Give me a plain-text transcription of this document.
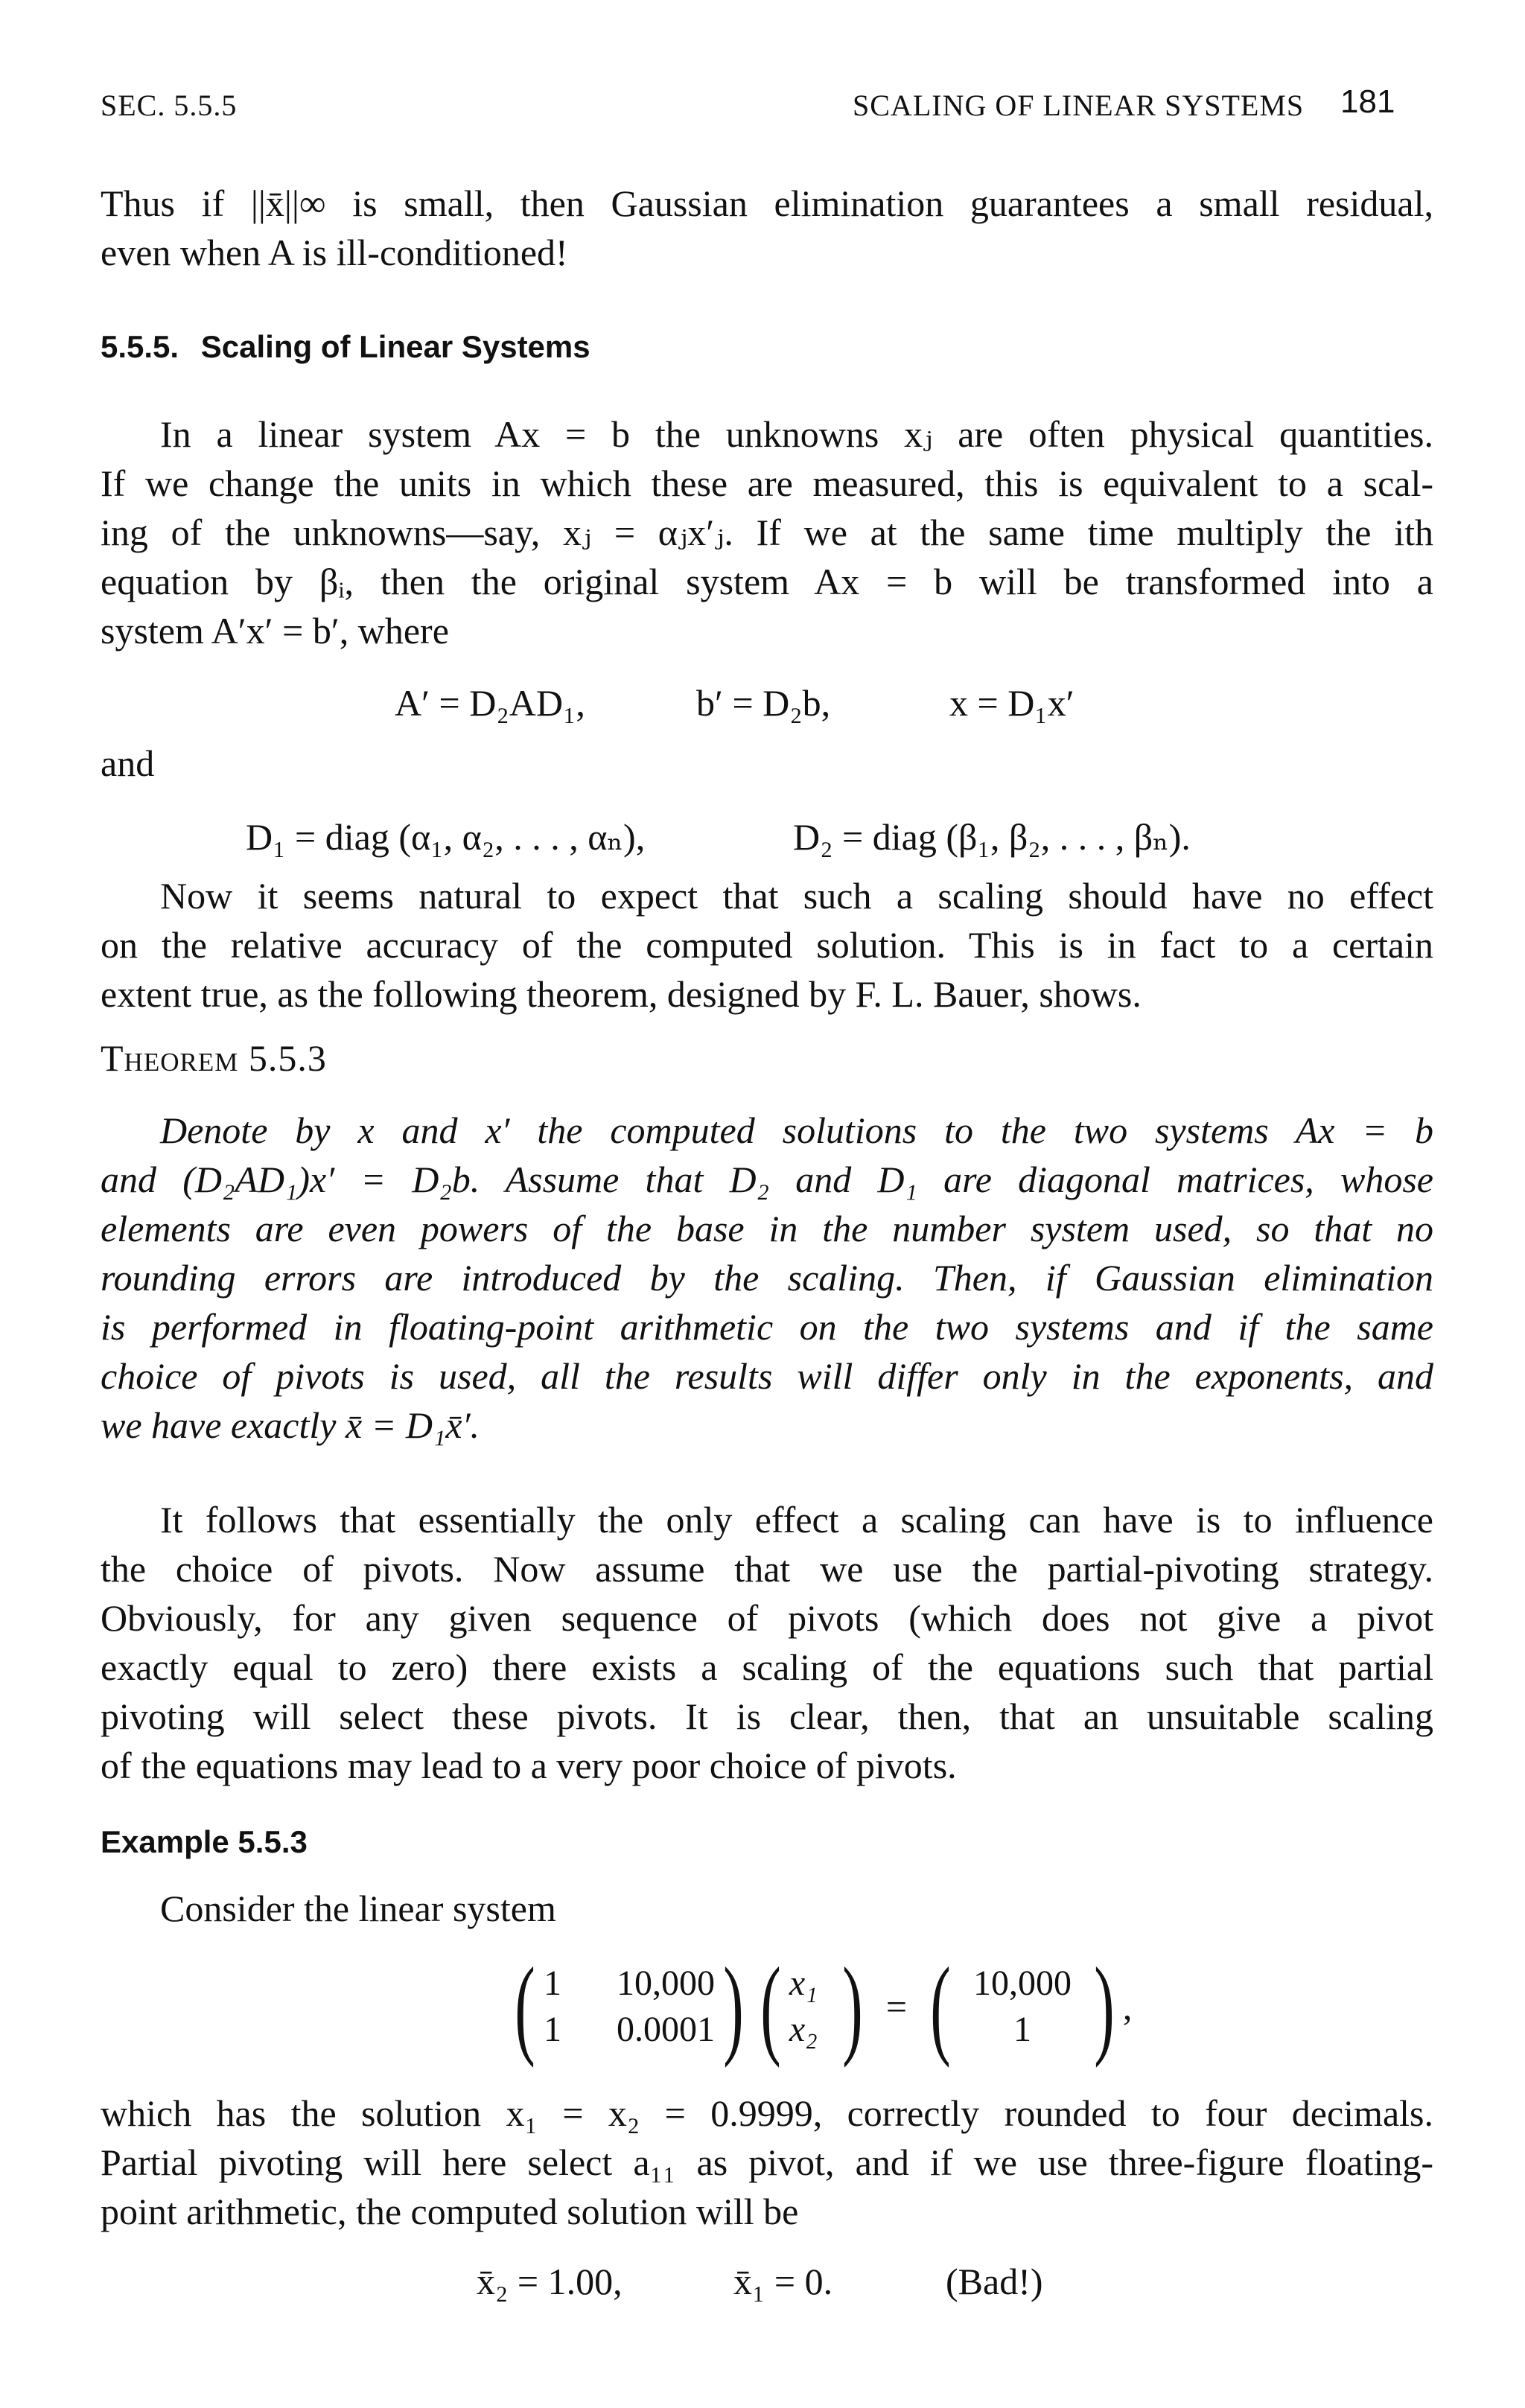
SEC. 5.5.5	SCALING OF LINEAR SYSTEMS 181

Thus if ||x̄||∞ is small, then Gaussian elimination guarantees a small residual,

even when A is ill-conditioned!

5.5.5. Scaling of Linear Systems

In a linear system Ax = b the unknowns xⱼ are often physical quantities.

If we change the units in which these are measured, this is equivalent to a scal-

ing of the unknowns—say, xⱼ = αⱼx′ⱼ. If we at the same time multiply the ith

equation by βᵢ, then the original system Ax = b will be transformed into a

system A′x′ = b′, where

A′ = D₂AD₁,	b′ = D₂b,	x = D₁x′
and
D₁ = diag (α₁, α₂, . . . , αₙ),	D₂ = diag (β₁, β₂, . . . , βₙ).

Now it seems natural to expect that such a scaling should have no effect

on the relative accuracy of the computed solution. This is in fact to a certain

extent true, as the following theorem, designed by F. L. Bauer, shows.

Theorem 5.5.3

Denote by x and x′ the computed solutions to the two systems Ax = b

and (D₂AD₁)x′ = D₂b. Assume that D₂ and D₁ are diagonal matrices, whose

elements are even powers of the base in the number system used, so that no

rounding errors are introduced by the scaling. Then, if Gaussian elimination

is performed in floating-point arithmetic on the two systems and if the same

choice of pivots is used, all the results will differ only in the exponents, and

we have exactly x̄ = D₁x̄′.

It follows that essentially the only effect a scaling can have is to influence

the choice of pivots. Now assume that we use the partial-pivoting strategy.

Obviously, for any given sequence of pivots (which does not give a pivot

exactly equal to zero) there exists a scaling of the equations such that partial

pivoting will select these pivots. It is clear, then, that an unsuitable scaling

of the equations may lead to a very poor choice of pivots.

Example 5.5.3
Consider the linear system
( 1	10,000
1	0.0001 ) ( x₁
x₂ ) = ( 10,000
1 ) ,

which has the solution x₁ = x₂ = 0.9999, correctly rounded to four decimals.

Partial pivoting will here select a₁₁ as pivot, and if we use three-figure floating-

point arithmetic, the computed solution will be

x̄₂ = 1.00,	x̄₁ = 0.	(Bad!)
